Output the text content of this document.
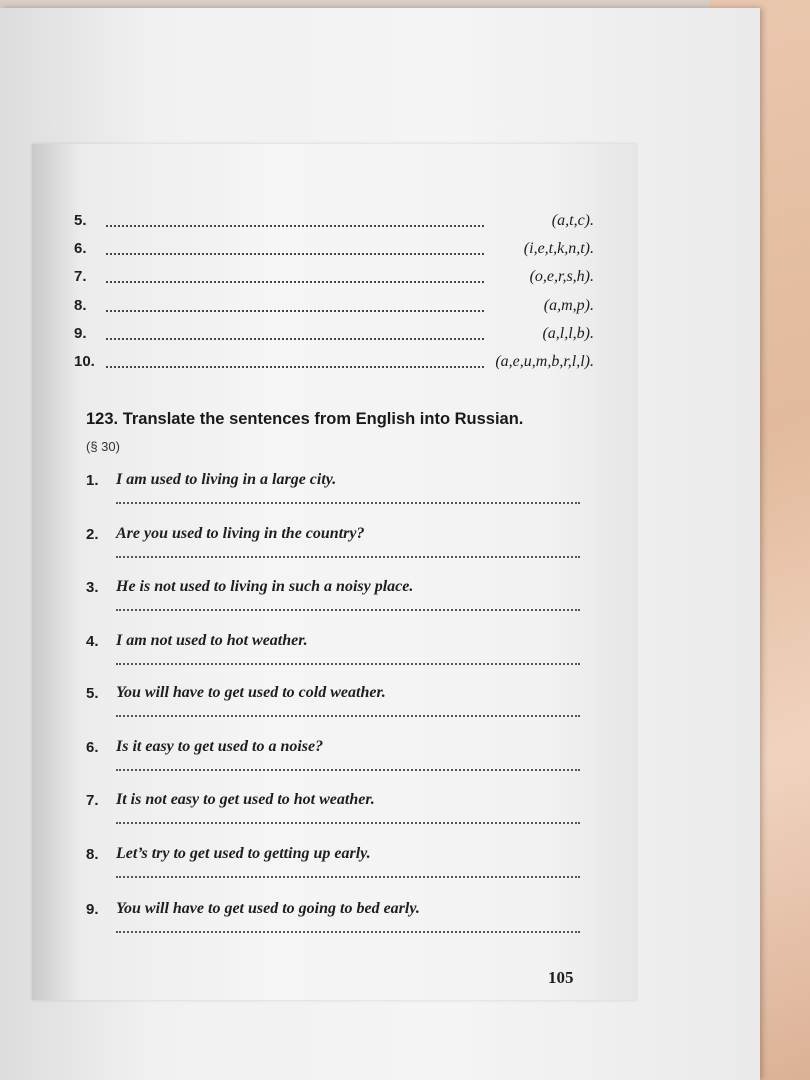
5.	(a,t,c).
6.	(i,e,t,k,n,t).
7.	(o,e,r,s,h).
8.	(a,m,p).
9.	(a,l,l,b).
10.	(a,e,u,m,b,r,l,l).
123. Translate the sentences from English into Russian.
(§ 30)
1. I am used to living in a large city.
2. Are you used to living in the country?
3. He is not used to living in such a noisy place.
4. I am not used to hot weather.
5. You will have to get used to cold weather.
6. Is it easy to get used to a noise?
7. It is not easy to get used to hot weather.
8. Let’s try to get used to getting up early.
9. You will have to get used to going to bed early.
105
